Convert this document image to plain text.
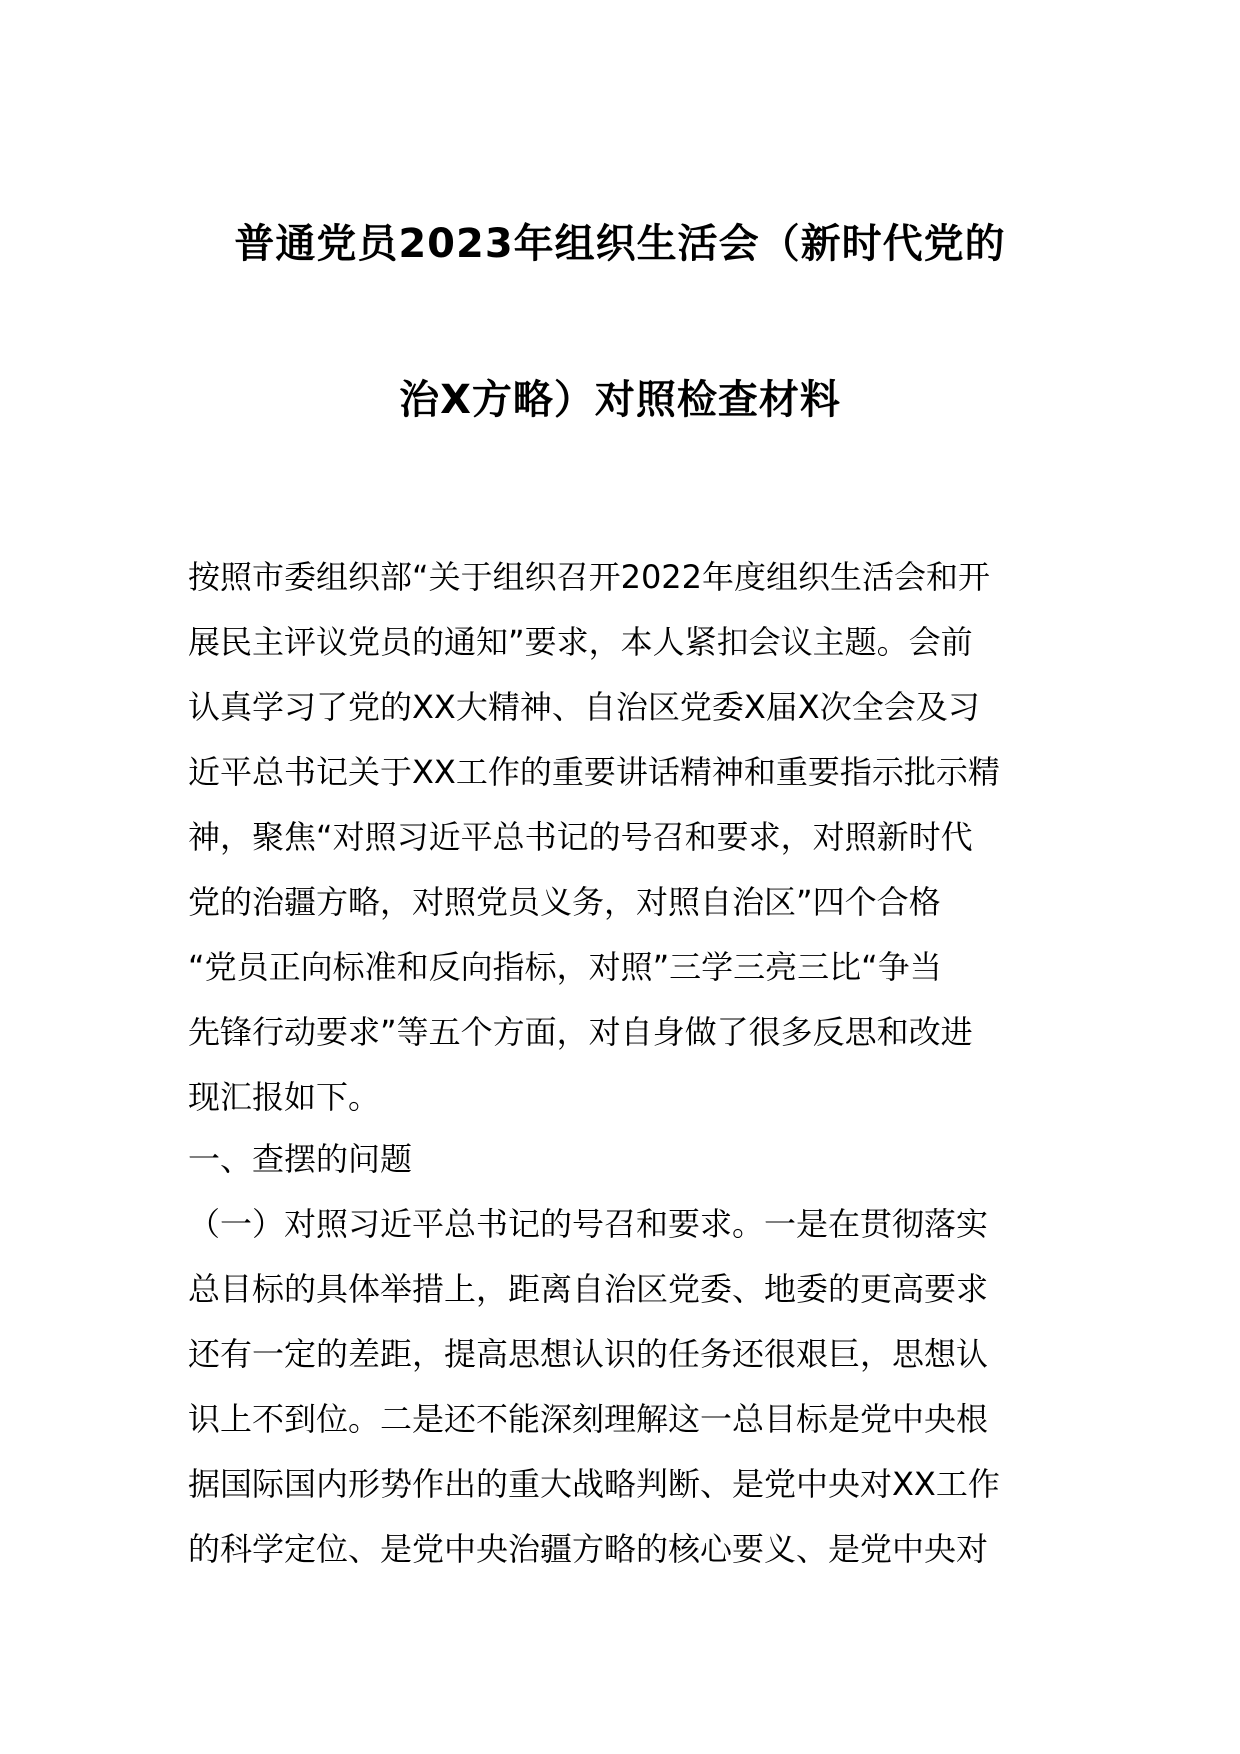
普通党员2023年组织生活会（新时代党的
治X方略）对照检查材料
按照市委组织部“关于组织召开2022年度组织生活会和开
展民主评议党员的通知”要求，本人紧扣会议主题。会前
认真学习了党的XX大精神、自治区党委X届X次全会及习
近平总书记关于XX工作的重要讲话精神和重要指示批示精
神，聚焦“对照习近平总书记的号召和要求，对照新时代
党的治疆方略，对照党员义务，对照自治区”四个合格
“党员正向标准和反向指标，对照”三学三亮三比“争当
先锋行动要求”等五个方面，对自身做了很多反思和改进
现汇报如下。
一、查摆的问题
（一）对照习近平总书记的号召和要求。一是在贯彻落实
总目标的具体举措上，距离自治区党委、地委的更高要求
还有一定的差距，提高思想认识的任务还很艰巨，思想认
识上不到位。二是还不能深刻理解这一总目标是党中央根
据国际国内形势作出的重大战略判断、是党中央对XX工作
的科学定位、是党中央治疆方略的核心要义、是党中央对
